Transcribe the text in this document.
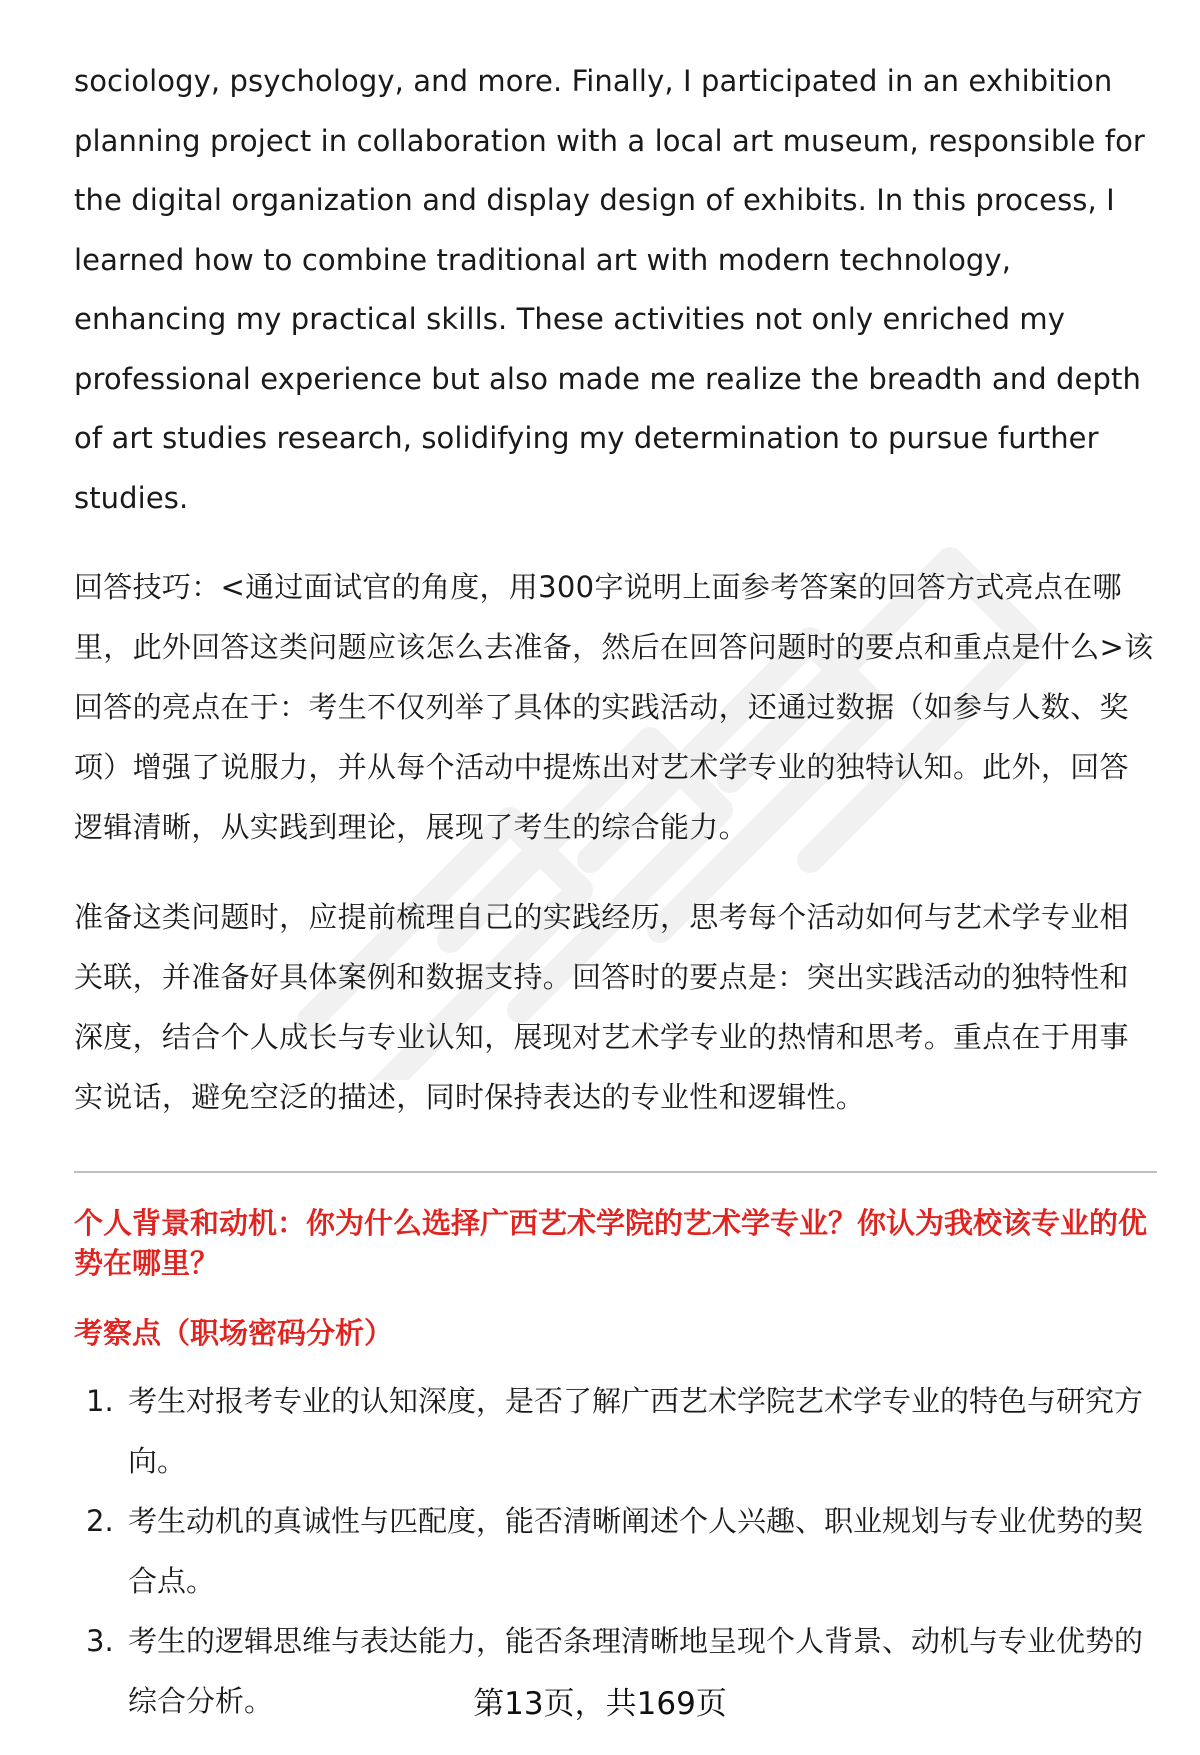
sociology, psychology, and more. Finally, I participated in an exhibition planning project in collaboration with a local art museum, responsible for the digital organization and display design of exhibits. In this process, I learned how to combine traditional art with modern technology, enhancing my practical skills. These activities not only enriched my professional experience but also made me realize the breadth and depth of art studies research, solidifying my determination to pursue further studies.

回答技巧：<通过面试官的角度，用300字说明上面参考答案的回答方式亮点在哪里，此外回答这类问题应该怎么去准备，然后在回答问题时的要点和重点是什么>该回答的亮点在于：考生不仅列举了具体的实践活动，还通过数据（如参与人数、奖项）增强了说服力，并从每个活动中提炼出对艺术学专业的独特认知。此外，回答逻辑清晰，从实践到理论，展现了考生的综合能力。

准备这类问题时，应提前梳理自己的实践经历，思考每个活动如何与艺术学专业相关联，并准备好具体案例和数据支持。回答时的要点是：突出实践活动的独特性和深度，结合个人成长与专业认知，展现对艺术学专业的热情和思考。重点在于用事实说话，避免空泛的描述，同时保持表达的专业性和逻辑性。

个人背景和动机：你为什么选择广西艺术学院的艺术学专业？你认为我校该专业的优势在哪里？
考察点（职场密码分析）
1. 考生对报考专业的认知深度，是否了解广西艺术学院艺术学专业的特色与研究方向。
2. 考生动机的真诚性与匹配度，能否清晰阐述个人兴趣、职业规划与专业优势的契合点。
3. 考生的逻辑思维与表达能力，能否条理清晰地呈现个人背景、动机与专业优势的综合分析。	第13页，共169页
